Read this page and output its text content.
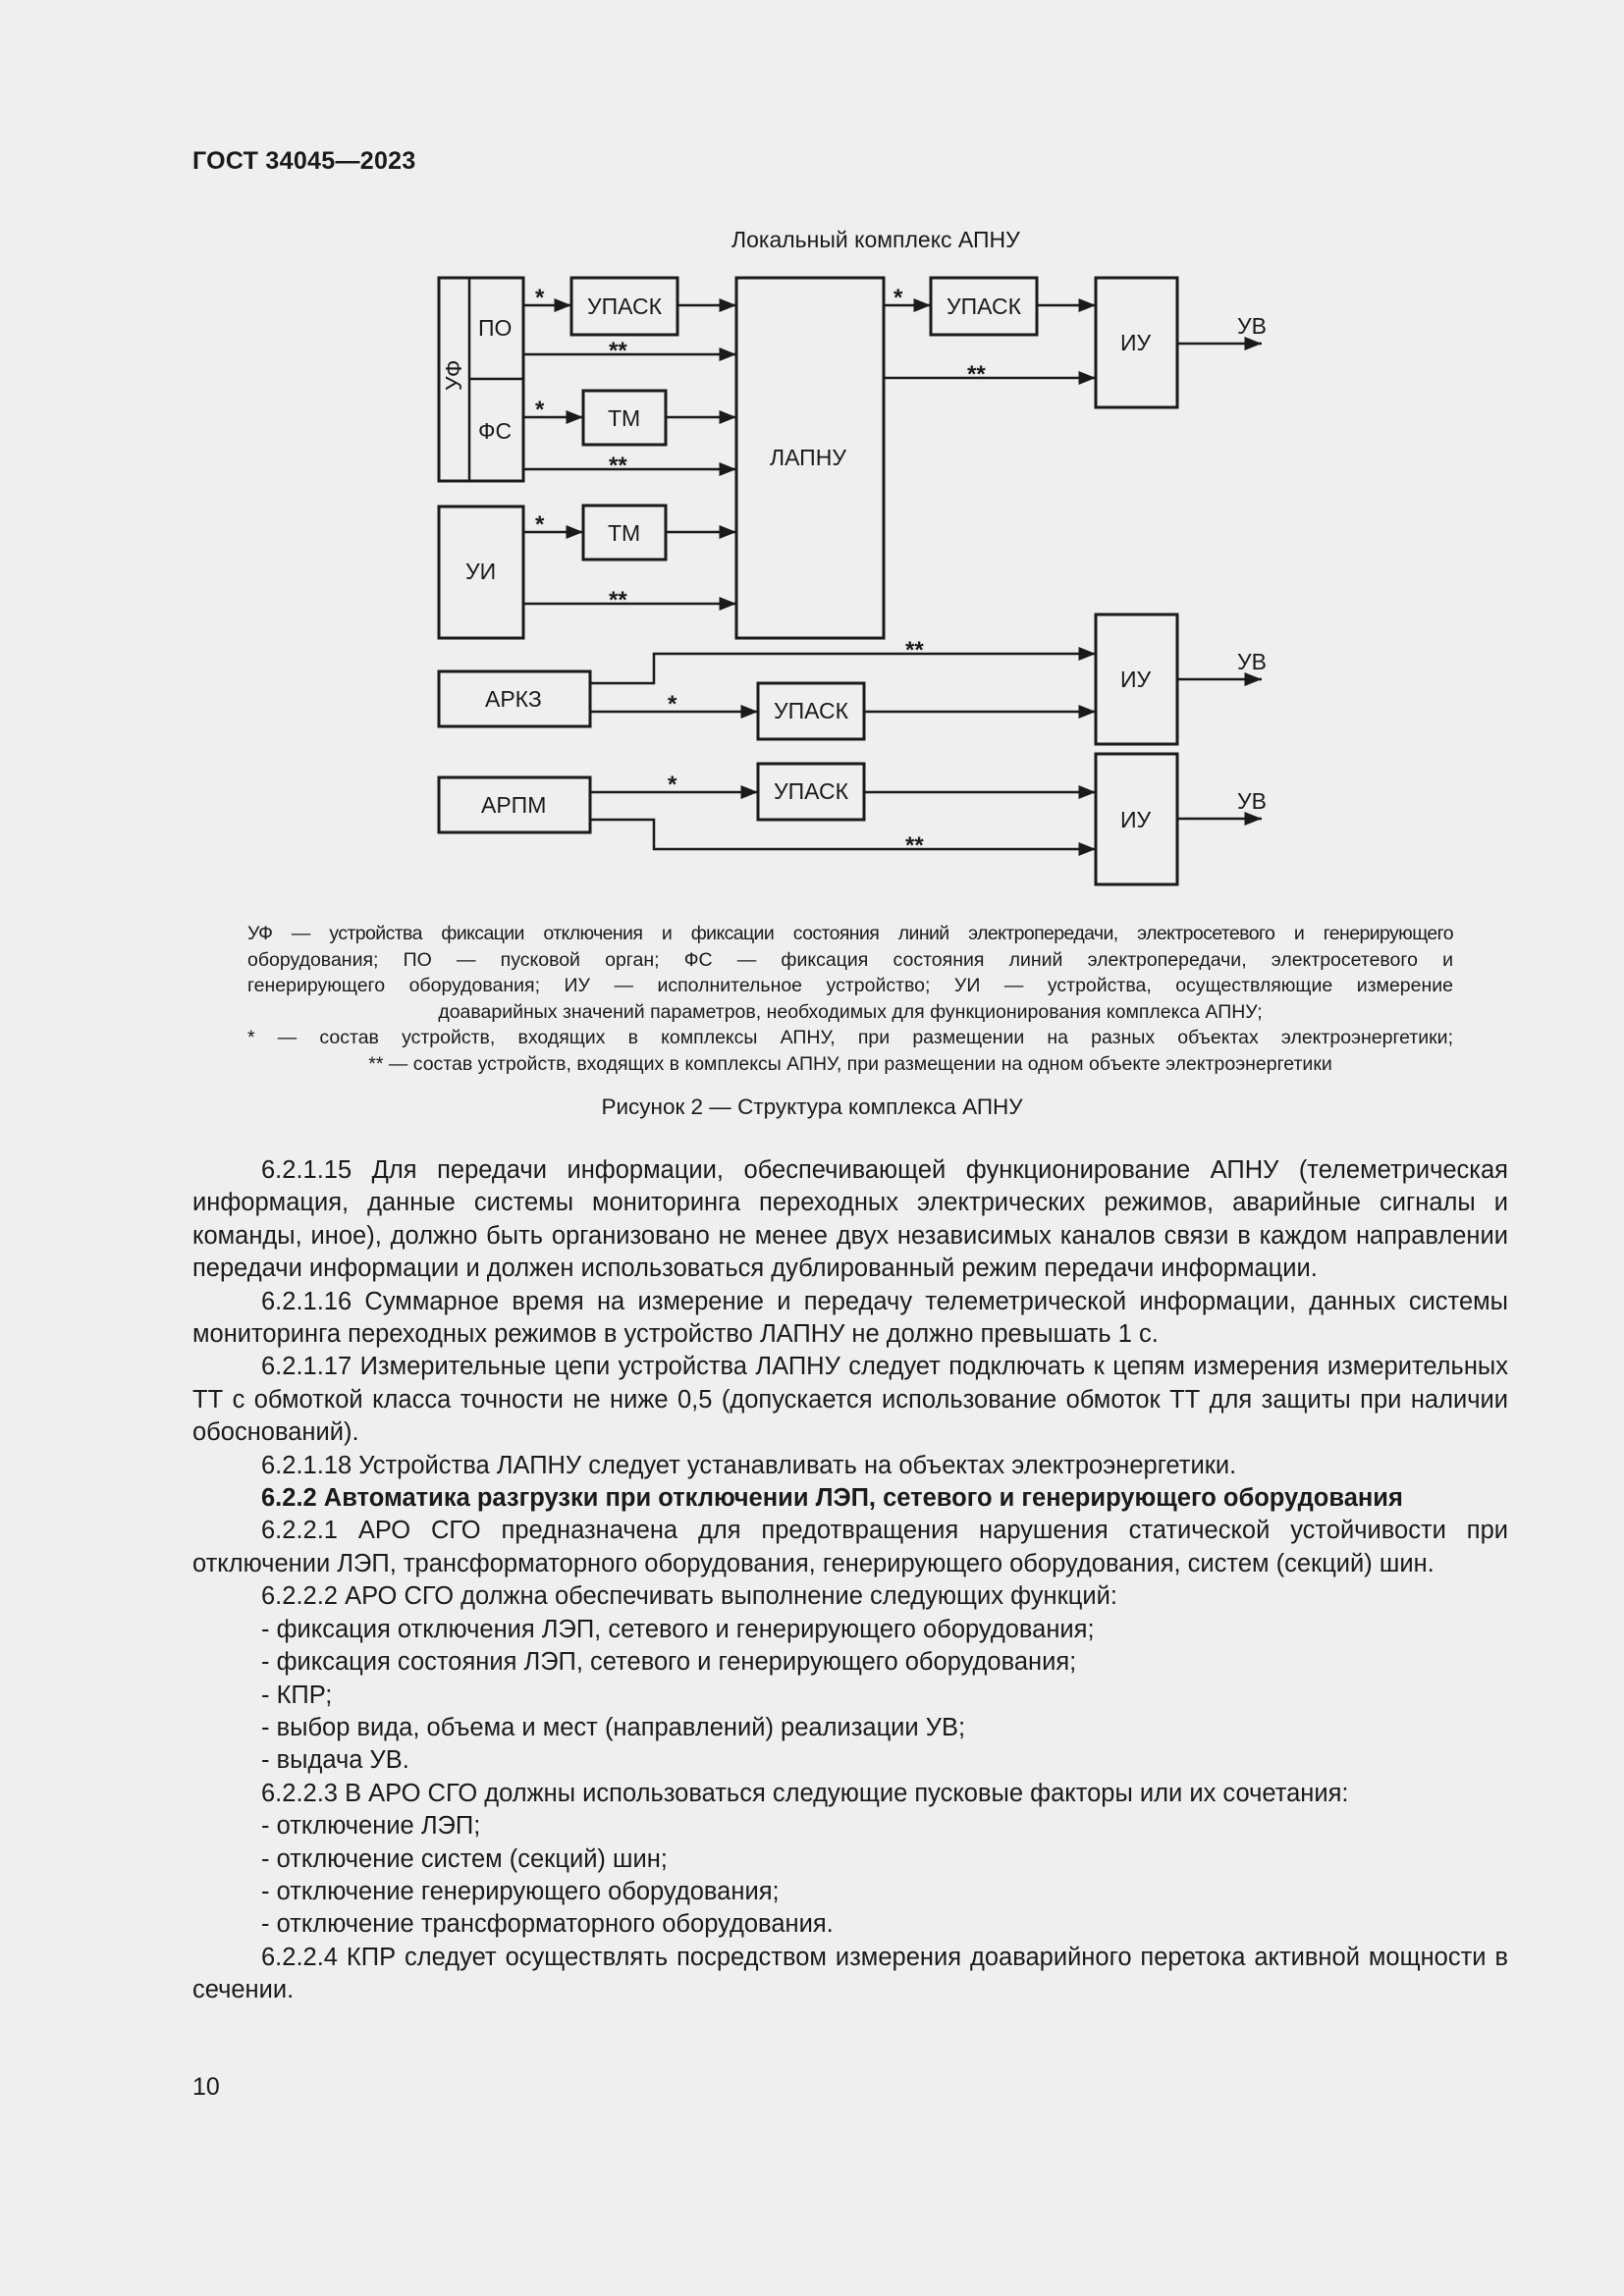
ГОСТ 34045—2023
Локальный комплекс АПНУ
УФ
ПО
ФС
УИ
УПАСК
ТМ
ТМ
ЛАПНУ
УПАСК
ИУ
УВ
АРКЗ	УПАСК
ИУ
УВ
АРПМ
УПАСК
ИУ
УВ
*
**
*
**
*
**
*
**
**
*
*
**

УФ — устройства фиксации отключения и фиксации состояния линий электропередачи, электросетевого и генерирующего

оборудования; ПО — пусковой орган; ФС — фиксация состояния линий электропередачи, электросетевого и

генерирующего оборудования; ИУ — исполнительное устройство; УИ — устройства, осуществляющие измерение

доаварийных значений параметров, необходимых для функционирования комплекса АПНУ;

* — состав устройств, входящих в комплексы АПНУ, при размещении на разных объектах электроэнергетики;

** — состав устройств, входящих в комплексы АПНУ, при размещении на одном объекте электроэнергетики

Рисунок 2 — Структура комплекса АПНУ

6.2.1.15 Для передачи информации, обеспечивающей функционирование АПНУ (телеметрическая информация, данные системы мониторинга переходных электрических режимов, аварийные сигналы и команды, иное), должно быть организовано не менее двух независимых каналов связи в каждом направлении передачи информации и должен использоваться дублированный режим передачи информации.

6.2.1.16 Суммарное время на измерение и передачу телеметрической информации, данных системы мониторинга переходных режимов в устройство ЛАПНУ не должно превышать 1 с.

6.2.1.17 Измерительные цепи устройства ЛАПНУ следует подключать к цепям измерения измерительных ТТ с обмоткой класса точности не ниже 0,5 (допускается использование обмоток ТТ для защиты при наличии обоснований).

6.2.1.18 Устройства ЛАПНУ следует устанавливать на объектах электроэнергетики.

6.2.2 Автоматика разгрузки при отключении ЛЭП, сетевого и генерирующего оборудования

6.2.2.1 АРО СГО предназначена для предотвращения нарушения статической устойчивости при отключении ЛЭП, трансформаторного оборудования, генерирующего оборудования, систем (секций) шин.

6.2.2.2 АРО СГО должна обеспечивать выполнение следующих функций:

- фиксация отключения ЛЭП, сетевого и генерирующего оборудования;

- фиксация состояния ЛЭП, сетевого и генерирующего оборудования;

- КПР;

- выбор вида, объема и мест (направлений) реализации УВ;

- выдача УВ.

6.2.2.3 В АРО СГО должны использоваться следующие пусковые факторы или их сочетания:

- отключение ЛЭП;

- отключение систем (секций) шин;

- отключение генерирующего оборудования;

- отключение трансформаторного оборудования.

6.2.2.4 КПР следует осуществлять посредством измерения доаварийного перетока активной мощности в сечении.

10
